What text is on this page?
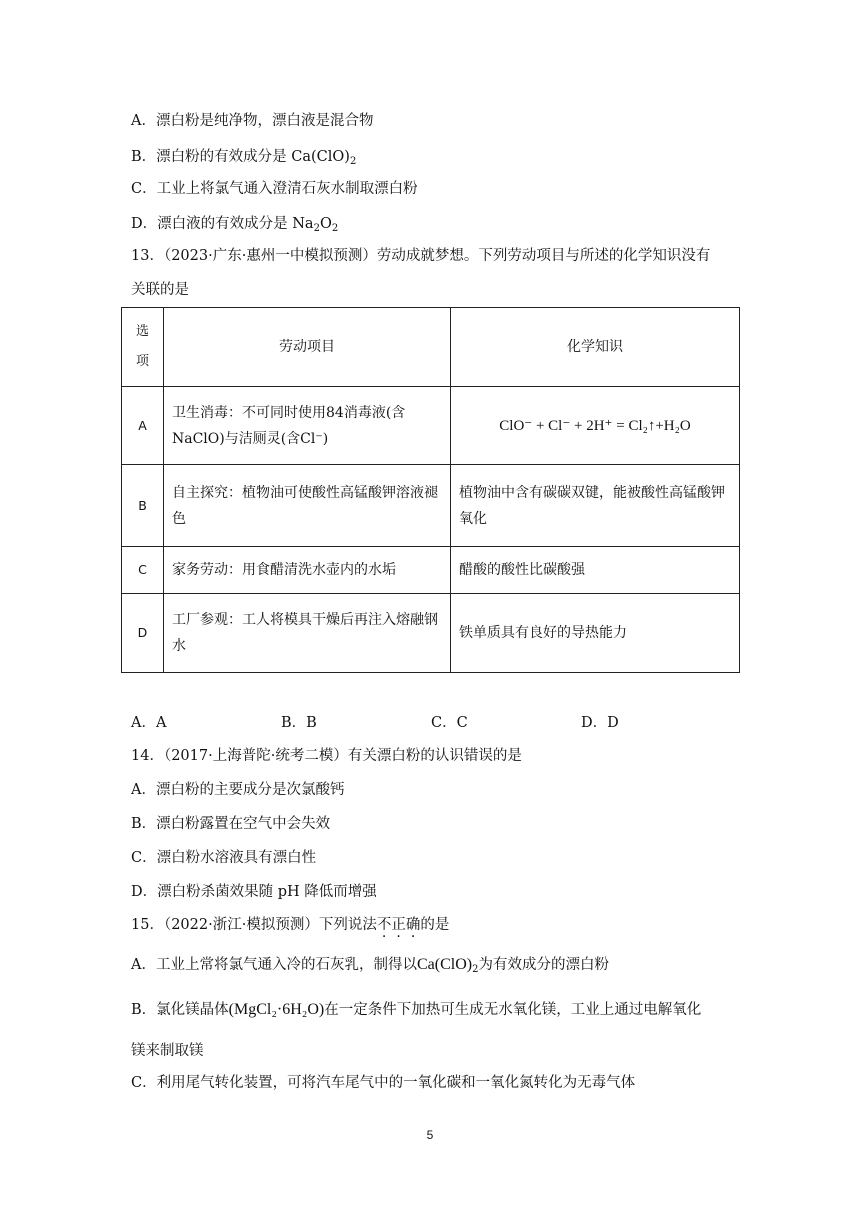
A．漂白粉是纯净物，漂白液是混合物
B．漂白粉的有效成分是 $Ca(ClO)_2$
C．工业上将氯气通入澄清石灰水制取漂白粉
D．漂白液的有效成分是 $Na_2O_2$
13．（2023·广东·惠州一中模拟预测）劳动成就梦想。下列劳动项目与所述的化学知识没有
关联的是
选项	劳动项目	化学知识
A	卫生消毒：不可同时使用84消毒液(含NaClO)与洁厕灵(含Cl⁻)	ClO⁻ + Cl⁻ + 2H⁺ = Cl₂↑+H₂O
B	自主探究：植物油可使酸性高锰酸钾溶液褪色	植物油中含有碳碳双键，能被酸性高锰酸钾氧化
C	家务劳动：用食醋清洗水壶内的水垢	醋酸的酸性比碳酸强
D	工厂参观：工人将模具干燥后再注入熔融钢水	铁单质具有良好的导热能力
A．A	B．B	C．C	D．D
14．（2017·上海普陀·统考二模）有关漂白粉的认识错误的是
A．漂白粉的主要成分是次氯酸钙
B．漂白粉露置在空气中会失效
C．漂白粉水溶液具有漂白性
D．漂白粉杀菌效果随 pH 降低而增强
15．（2022·浙江·模拟预测）下列说法不正确的是
A．工业上常将氯气通入冷的石灰乳，制得以$Ca(ClO)_2$为有效成分的漂白粉
B．氯化镁晶体(MgCl₂·6H₂O)在一定条件下加热可生成无水氧化镁，工业上通过电解氧化
镁来制取镁
C．利用尾气转化装置，可将汽车尾气中的一氧化碳和一氧化氮转化为无毒气体
5
